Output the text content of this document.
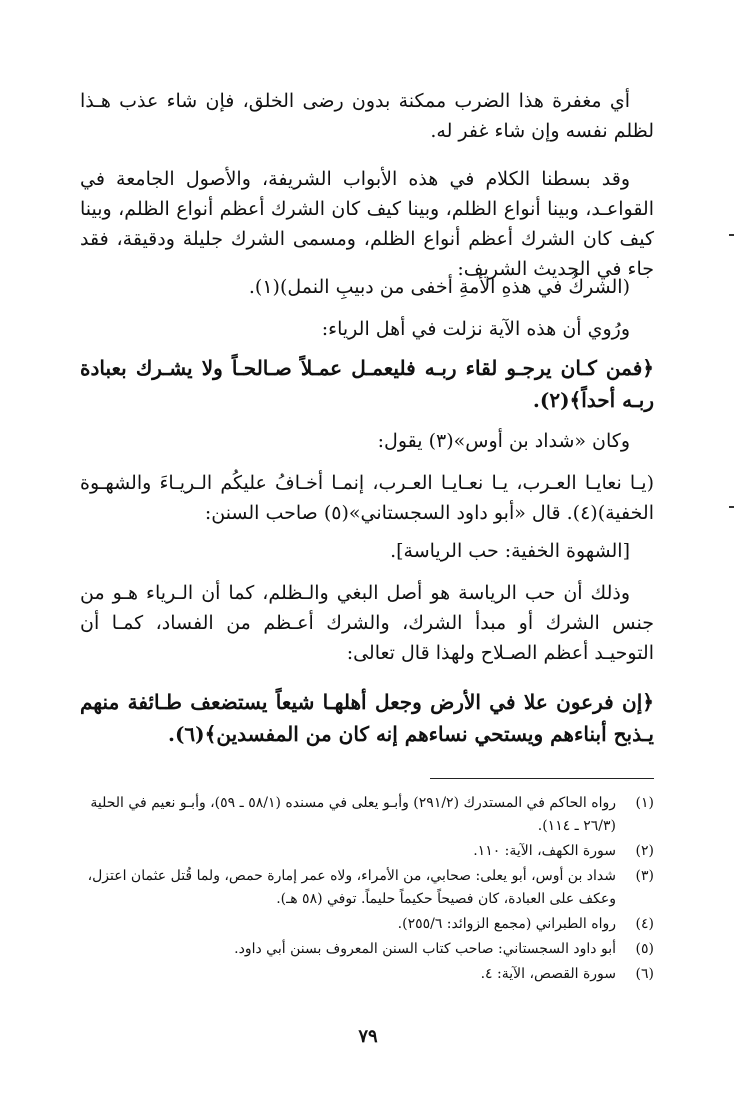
أي مغفرة هذا الضرب ممكنة بدون رضى الخلق، فإن شاء عذب هـذا لظلم نفسه وإن شاء غفر له.

وقد بسطنا الكلام في هذه الأبواب الشريفة، والأصول الجامعة في القواعـد، وبينا أنواع الظلم، وبينا كيف كان الشرك أعظم أنواع الظلم، وبينا كيف كان الشرك أعظم أنواع الظلم، ومسمى الشرك جليلة ودقيقة، فقد جاء في الحديث الشريف:

(الشركُ في هذهِ الأمةِ أخفى من دبيبِ النمل)(١).

ورُوي أن هذه الآية نزلت في أهل الرياء:

﴿فمن كـان يرجـو لقاء ربـه فليعمـل عمـلاً صـالحـاً ولا يشـرك بعبادة ربـه أحداً﴾(٢).

وكان «شداد بن أوس»(٣) يقول:

(يـا نعايـا العـرب، يـا نعـايـا العـرب، إنمـا أخـافُ عليكُم الـريـاءَ والشهـوة الخفية)(٤). قال «أبو داود السجستاني»(٥) صاحب السنن:

[الشهوة الخفية: حب الرياسة].

وذلك أن حب الرياسة هو أصل البغي والـظلم، كما أن الـرياء هـو من جنس الشرك أو مبدأ الشرك، والشرك أعـظم من الفساد، كمـا أن التوحيـد أعظم الصـلاح ولهذا قال تعالى:

﴿إن فرعون علا في الأرض وجعل أهلهـا شيعاً يستضعف طـائفة منهم يـذبح أبناءهم ويستحي نساءهم إنه كان من المفسدين﴾(٦).

(١)
رواه الحاكم في المستدرك (٢٩١/٢) وأبـو يعلى في مسنده (٥٨/١ ـ ٥٩)، وأبـو نعيم في الحلية (٢٦/٣ ـ ١١٤).
(٢)
سورة الكهف، الآية: ١١٠.
(٣)
شداد بن أوس، أبو يعلى: صحابي، من الأمراء، ولاه عمر إمارة حمص، ولما قُتل عثمان اعتزل، وعكف على العبادة، كان فصيحاً حكيماً حليماً. توفي (٥٨ هـ).
(٤)
رواه الطبراني (مجمع الزوائد: ٢٥٥/٦).
(٥)
أبو داود السجستاني: صاحب كتاب السنن المعروف بسنن أبي داود.
(٦)
سورة القصص، الآية: ٤.
٧٩
